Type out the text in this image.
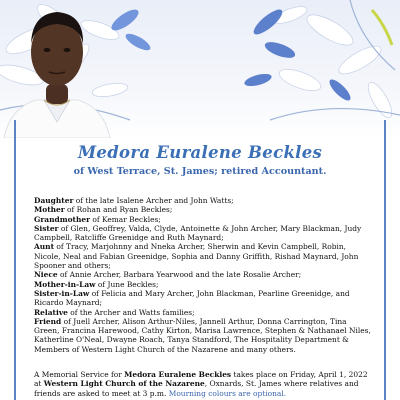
Medora Euralene Beckles
of West Terrace, St. James; retired Accountant.

Daughter of the late Isalene Archer and John Watts;

Mother of Rohan and Ryan Beckles;

Grandmother of Kemar Beckles;

Sister of Glen, Geoffrey, Valda, Clyde, Antoinette & John Archer, Mary Blackman, Judy Campbell, Ratcliffe Greenidge and Ruth Maynard;

Aunt of Tracy, Marjohnny and Nneka Archer, Sherwin and Kevin Campbell, Robin, Nicole, Neal and Fabian Greenidge, Sophia and Danny Griffith, Rishad Maynard, John Spooner and others;

Niece of Annie Archer, Barbara Yearwood and the late Rosalie Archer;

Mother-in-Law of June Beckles;

Sister-in-Law of Felicia and Mary Archer, John Blackman, Pearline Greenidge, and Ricardo Maynard;

Relative of the Archer and Watts families;

Friend of Juell Archer, Alison Arthur-Niles, Jannell Arthur, Donna Carrington, Tina Green, Francina Harewood, Cathy Kirton, Marisa Lawrence, Stephen & Nathanael Niles, Katherline O'Neal, Dwayne Roach, Tanya Standford, The Hospitality Department & Members of Western Light Church of the Nazarene and many others.

A Memorial Service for Medora Euralene Beckles takes place on Friday, April 1, 2022 at Western Light Church of the Nazarene, Oxnards, St. James where relatives and friends are asked to meet at 3 p.m. Mourning colours are optional.
